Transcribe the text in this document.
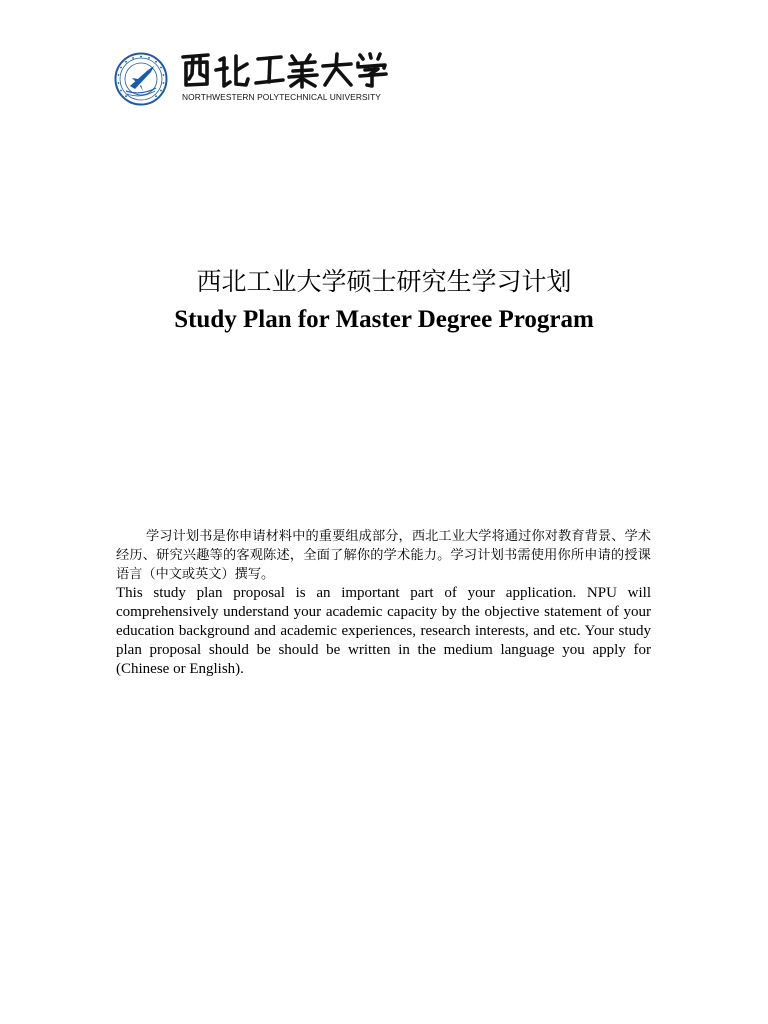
NORTHWESTERN POLYTECHNICAL UNIVERSITY
西北工业大学硕士研究生学习计划
Study Plan for Master Degree Program

学习计划书是你申请材料中的重要组成部分，西北工业大学将通过你对教育背景、学术经历、研究兴趣等的客观陈述，全面了解你的学术能力。学习计划书需使用你所申请的授课语言（中文或英文）撰写。

This study plan proposal is an important part of your application. NPU will comprehensively understand your academic capacity by the objective statement of your education background and academic experiences, research interests, and etc. Your study plan proposal should be should be written in the medium language you apply for (Chinese or English).
